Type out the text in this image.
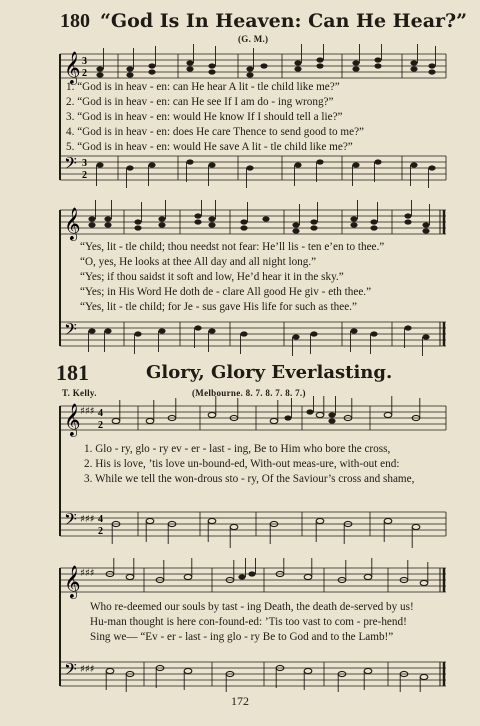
180 “God Is In Heaven: Can He Hear?”
(G. M.)
𝄞 3
2
3
2
𝄢
1. “God is in heav - en: can He hear A lit - tle child like me?”
2. “God is in heav - en: can He see If I am do - ing wrong?”
3. “God is in heav - en: would He know If I should tell a lie?”
4. “God is in heav - en: does He care Thence to send good to me?”
5. “God is in heav - en: would He save A lit - tle child like me?”
𝄞
𝄢
“Yes, lit - tle child; thou needst not fear: He’ll lis - ten e’en to thee.”
“O, yes, He looks at thee All day and all night long.”
“Yes; if thou saidst it soft and low, He’d hear it in the sky.”
“Yes; in His Word He doth de - clare All good He giv - eth thee.”
“Yes, lit - tle child; for Je - sus gave His life for such as thee.”
181	Glory, Glory Everlasting.
T. Kelly.	(Melbourne. 8. 7. 8. 7. 8. 7.)
𝄞 ♯♯♯ 4
2
𝄢 ♯♯♯ 4
2
1. Glo - ry, glo - ry ev - er - last - ing, Be to Him who bore the cross,
2. His is love, ’tis love un-bound-ed, With-out meas-ure, with-out end:
3. While we tell the won-drous sto - ry, Of the Saviour’s cross and shame,
𝄞 ♯♯♯
𝄢 ♯♯♯
Who re-deemed our souls by tast - ing Death, the death de-served by us!
Hu-man thought is here con-found-ed: ’Tis too vast to com - pre-hend!
Sing we— “Ev - er - last - ing glo - ry Be to God and to the Lamb!”
172
